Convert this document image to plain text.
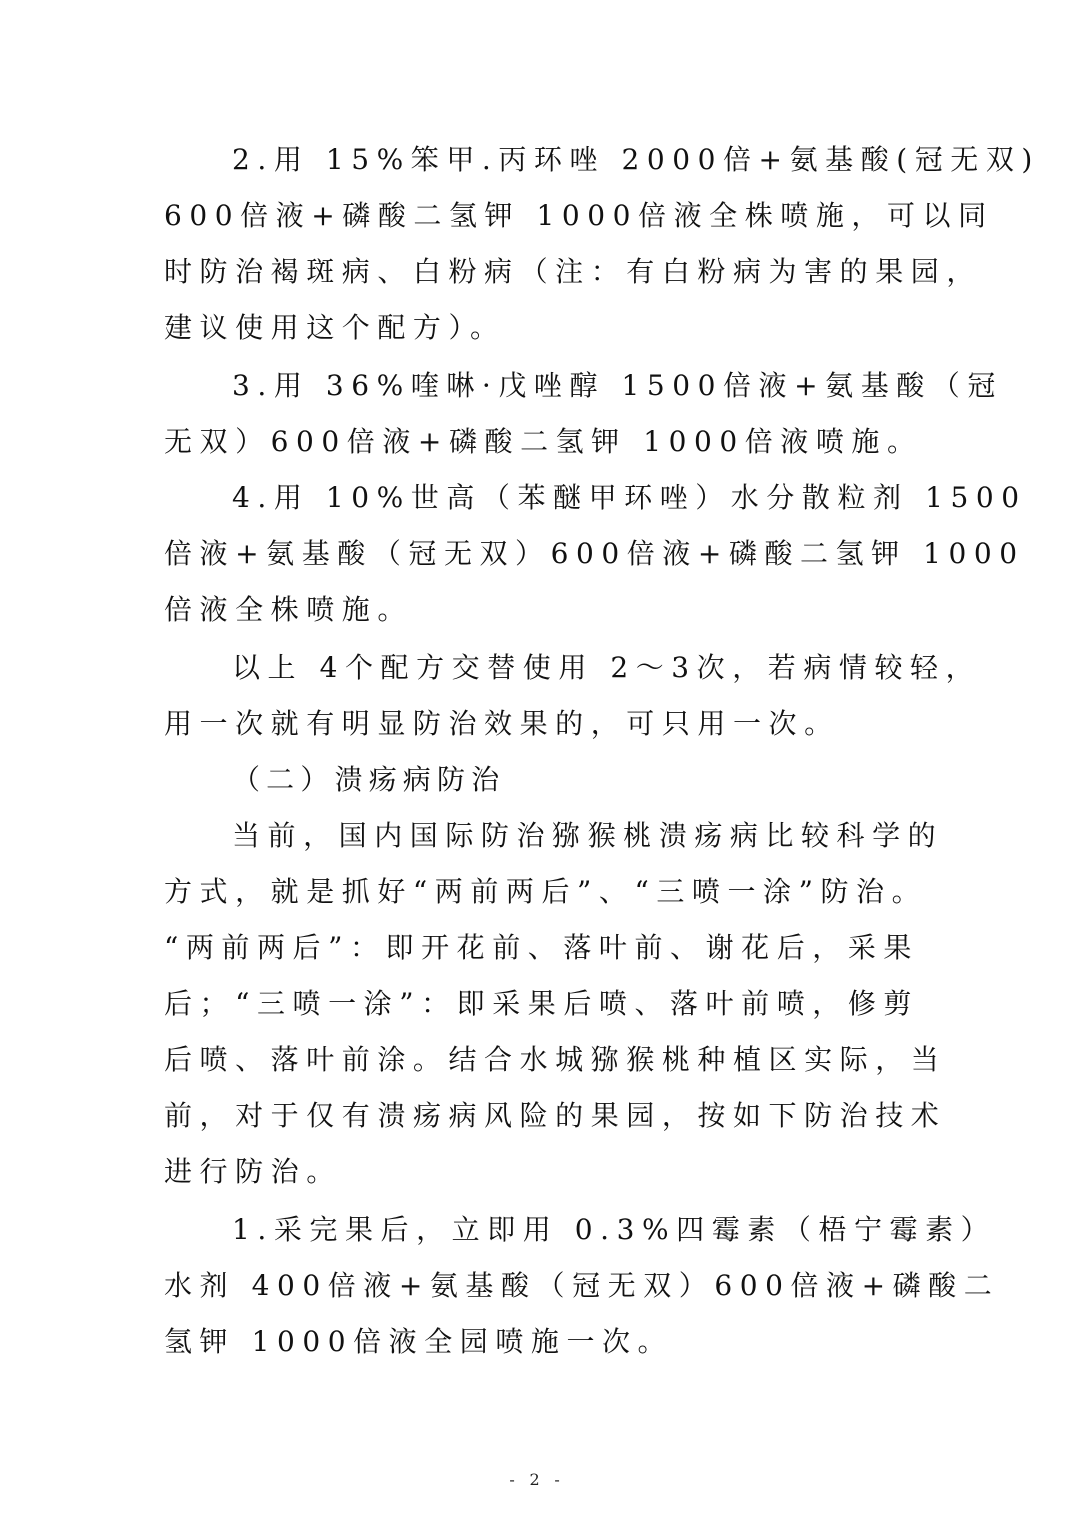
2.用 15%笨甲.丙环唑 2000倍+氨基酸(冠无双)
600倍液+磷酸二氢钾 1000倍液全株喷施，可以同
时防治褐斑病、白粉病（注：有白粉病为害的果园，
建议使用这个配方）。
3.用 36%喹啉·戊唑醇 1500倍液+氨基酸（冠
无双）600倍液+磷酸二氢钾 1000倍液喷施。
4.用 10%世高（苯醚甲环唑）水分散粒剂 1500
倍液+氨基酸（冠无双）600倍液+磷酸二氢钾 1000
倍液全株喷施。
以上 4个配方交替使用 2～3次，若病情较轻，
用一次就有明显防治效果的，可只用一次。
（二）溃疡病防治
当前，国内国际防治猕猴桃溃疡病比较科学的
方式，就是抓好“两前两后”、“三喷一涂”防治。
“两前两后”：即开花前、落叶前、谢花后，采果
后；“三喷一涂”：即采果后喷、落叶前喷，修剪
后喷、落叶前涂。结合水城猕猴桃种植区实际，当
前，对于仅有溃疡病风险的果园，按如下防治技术
进行防治。
1.采完果后，立即用 0.3%四霉素（梧宁霉素）
水剂 400倍液+氨基酸（冠无双）600倍液+磷酸二
氢钾 1000倍液全园喷施一次。
- 2 -
